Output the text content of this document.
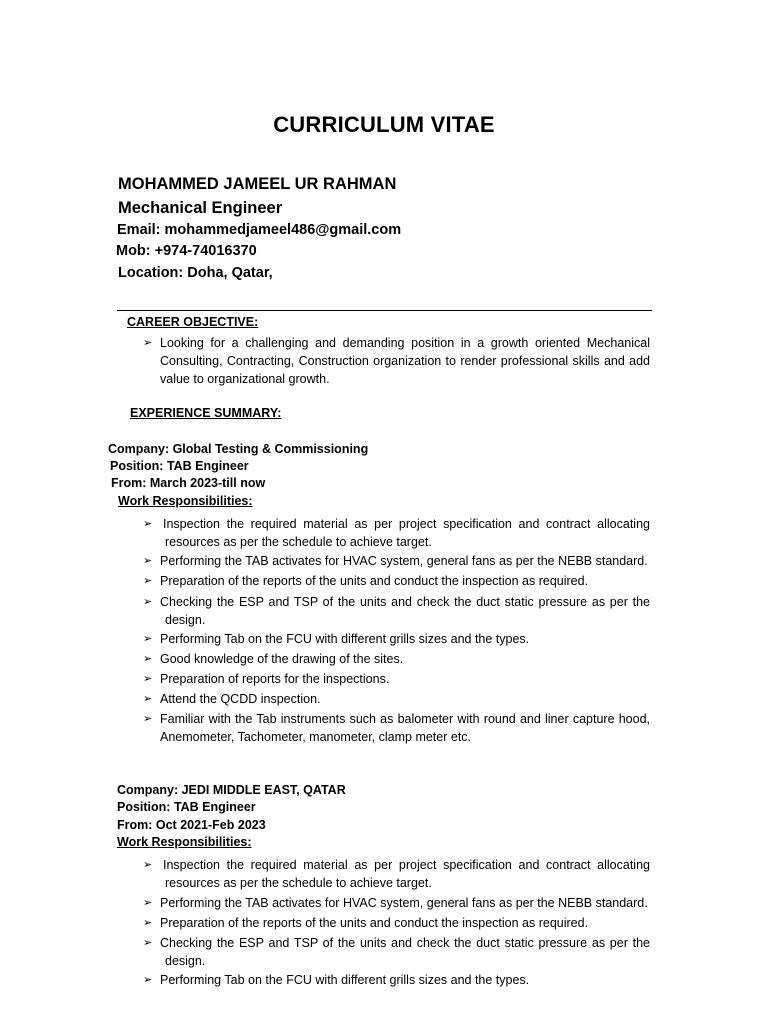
CURRICULUM VITAE
MOHAMMED JAMEEL UR RAHMAN
Mechanical Engineer
Email: mohammedjameel486@gmail.com
Mob: +974-74016370
Location: Doha, Qatar,
CAREER OBJECTIVE:
➢ Looking for a challenging and demanding position in a growth oriented Mechanical Consulting, Contracting, Construction organization to render professional skills and add value to organizational growth.
EXPERIENCE SUMMARY:
Company: Global Testing & Commissioning
Position: TAB Engineer
From: March 2023-till now
Work Responsibilities:
➢ Inspection the required material as per project specification and contract allocating
resources as per the schedule to achieve target.
➢ Performing the TAB activates for HVAC system, general fans as per the NEBB standard.
➢ Preparation of the reports of the units and conduct the inspection as required.
➢ Checking the ESP and TSP of the units and check the duct static pressure as per the
design.
➢ Performing Tab on the FCU with different grills sizes and the types.
➢ Good knowledge of the drawing of the sites.
➢ Preparation of reports for the inspections.
➢ Attend the QCDD inspection.
➢ Familiar with the Tab instruments such as balometer with round and liner capture hood,
Anemometer, Tachometer, manometer, clamp meter etc.
Company: JEDI MIDDLE EAST, QATAR
Position: TAB Engineer
From: Oct 2021-Feb 2023
Work Responsibilities:
➢ Inspection the required material as per project specification and contract allocating
resources as per the schedule to achieve target.
➢ Performing the TAB activates for HVAC system, general fans as per the NEBB standard.
➢ Preparation of the reports of the units and conduct the inspection as required.
➢ Checking the ESP and TSP of the units and check the duct static pressure as per the
design.
➢ Performing Tab on the FCU with different grills sizes and the types.
